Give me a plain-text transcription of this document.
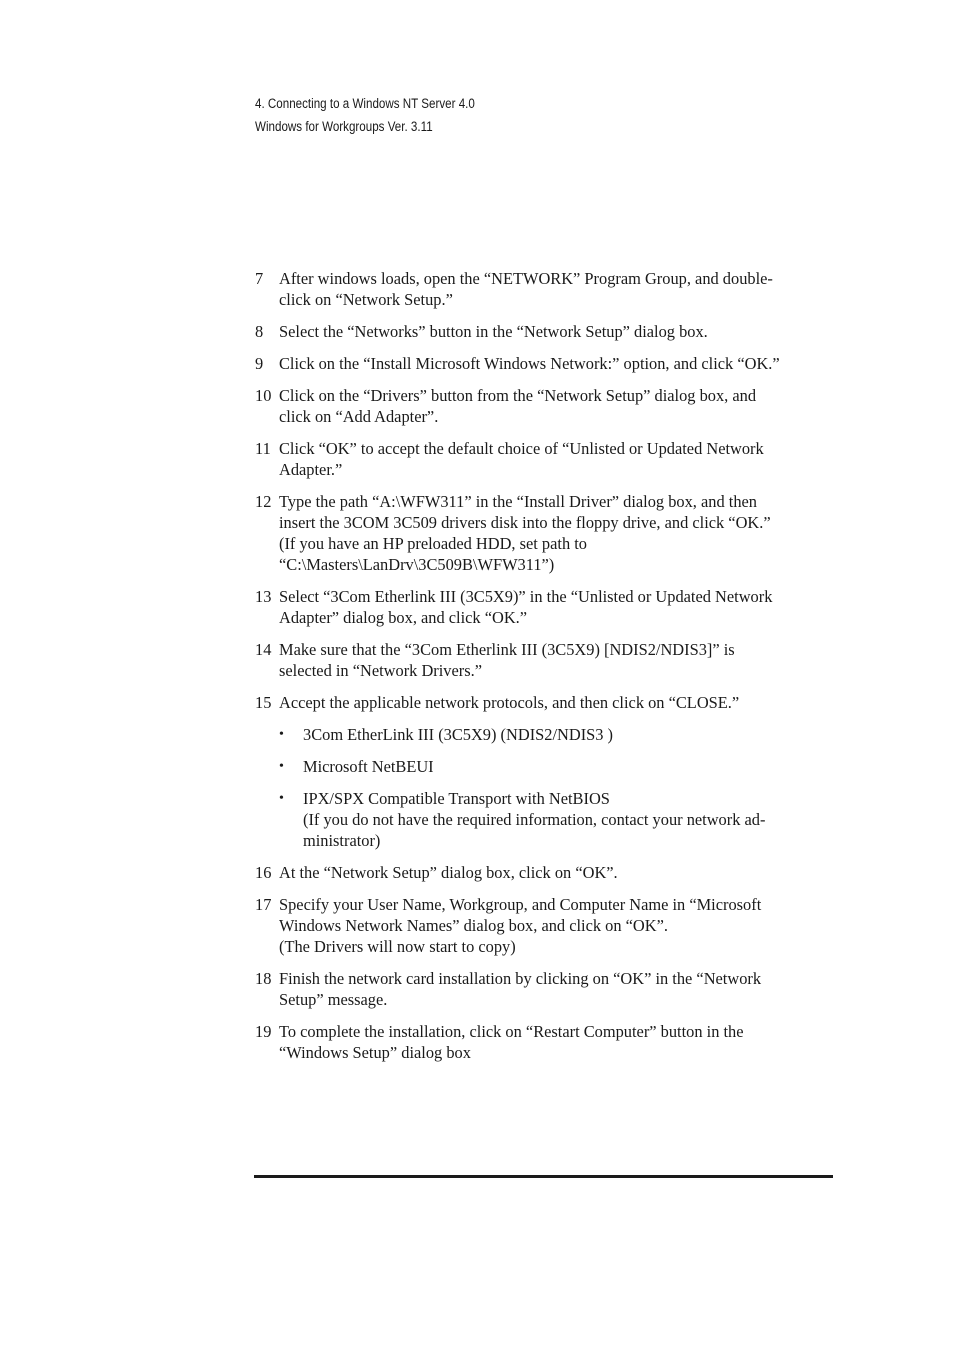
4. Connecting to a Windows NT Server 4.0
Windows for Workgroups Ver. 3.11
7 After windows loads, open the “NETWORK” Program Group, and double-
click on “Network Setup.”
8 Select the “Networks” button in the “Network Setup” dialog box.
9 Click on the “Install Microsoft Windows Network:” option, and click “OK.”
10 Click on the “Drivers” button from the “Network Setup” dialog box, and
click on “Add Adapter”.
11 Click “OK” to accept the default choice of “Unlisted or Updated Network
Adapter.”
12 Type the path “A:\WFW311” in the “Install Driver” dialog box, and then
insert the 3COM 3C509 drivers disk into the floppy drive, and click “OK.”
(If you have an HP preloaded HDD, set path to
“C:\Masters\LanDrv\3C509B\WFW311”)
13 Select “3Com Etherlink III (3C5X9)” in the “Unlisted or Updated Network
Adapter” dialog box, and click “OK.”
14 Make sure that the “3Com Etherlink III (3C5X9) [NDIS2/NDIS3]” is
selected in “Network Drivers.”
15 Accept the applicable network protocols, and then click on “CLOSE.”
•	3Com EtherLink III (3C5X9) (NDIS2/NDIS3 )
•	Microsoft NetBEUI
•	IPX/SPX Compatible Transport with NetBIOS
(If you do not have the required information, contact your network ad-
ministrator)
16 At the “Network Setup” dialog box, click on “OK”.
17 Specify your User Name, Workgroup, and Computer Name in “Microsoft
Windows Network Names” dialog box, and click on “OK”.
(The Drivers will now start to copy)
18 Finish the network card installation by clicking on “OK” in the “Network
Setup” message.
19 To complete the installation, click on “Restart Computer” button in the
“Windows Setup” dialog box
